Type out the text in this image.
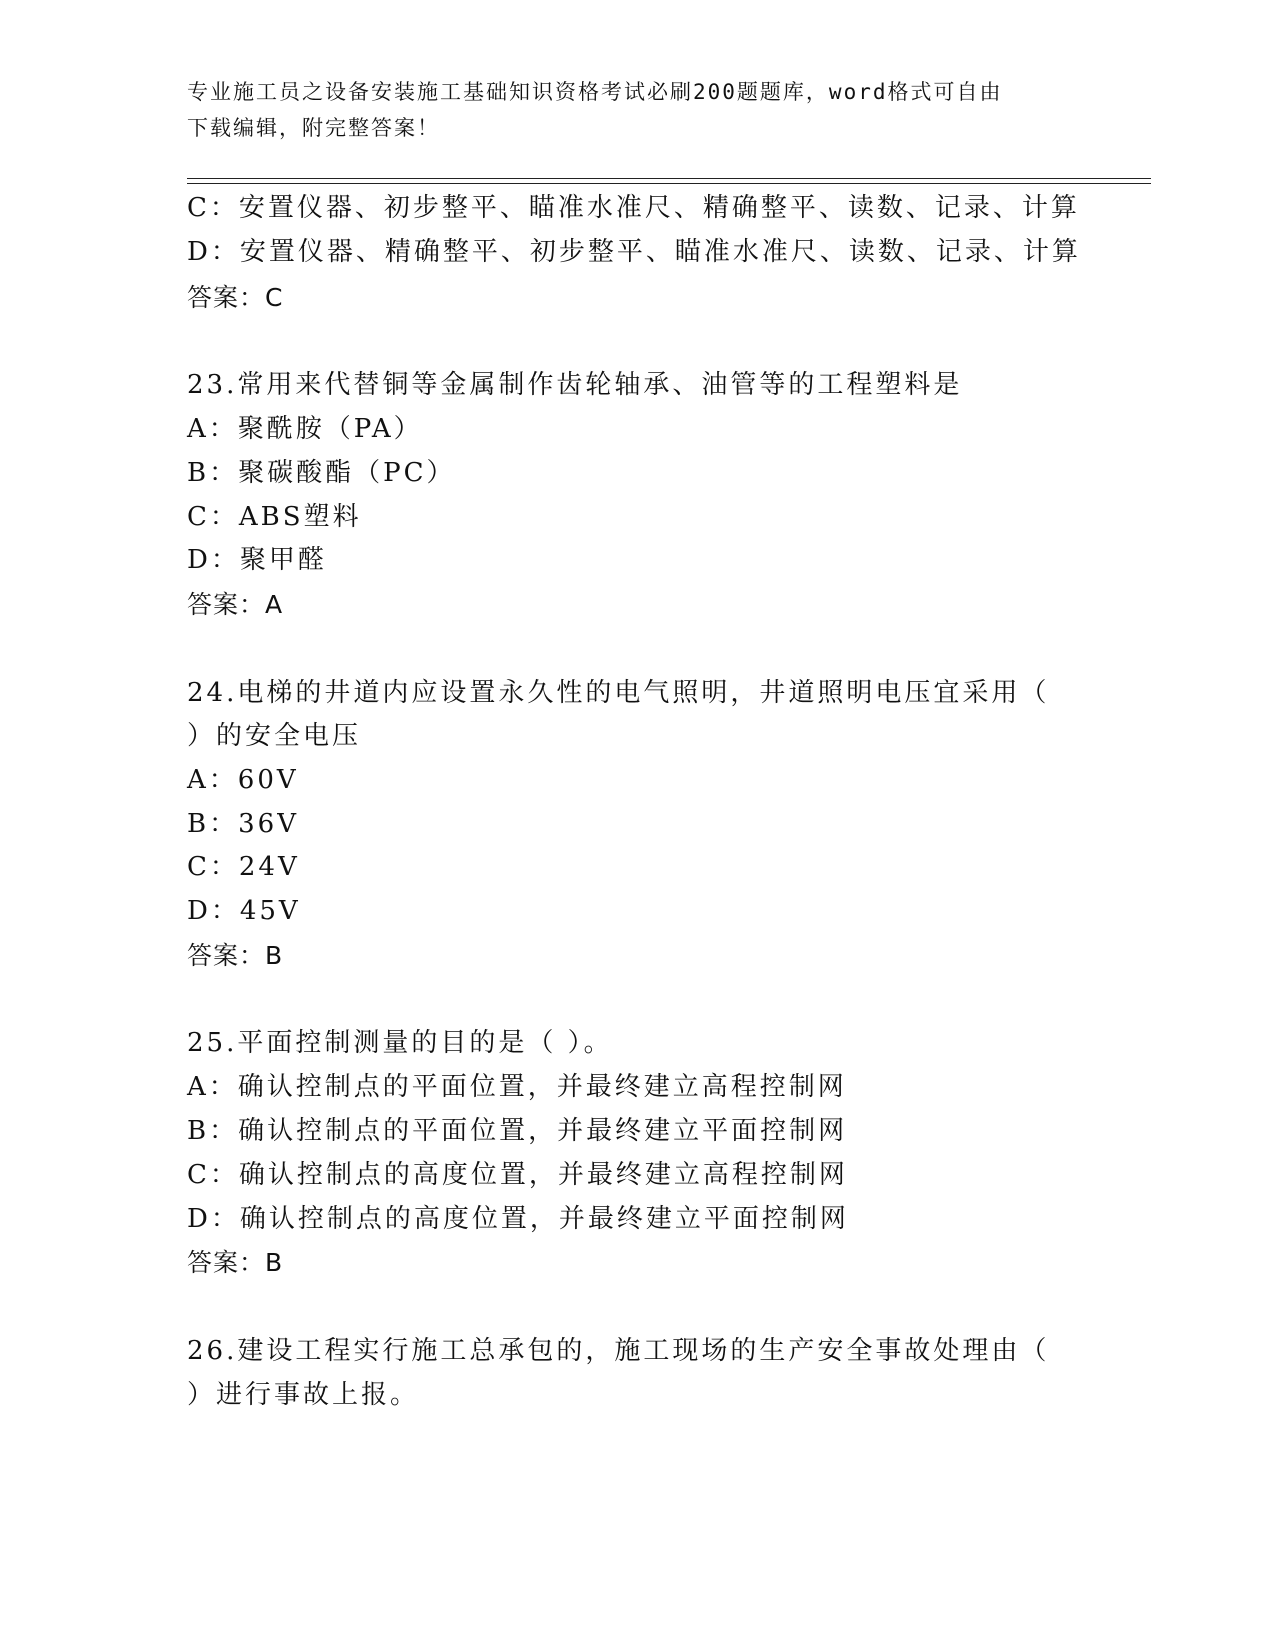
专业施工员之设备安装施工基础知识资格考试必刷200题题库，word格式可自由
下载编辑，附完整答案！
C：安置仪器、初步整平、瞄准水准尺、精确整平、读数、记录、计算
D：安置仪器、精确整平、初步整平、瞄准水准尺、读数、记录、计算
答案：C
23.常用来代替铜等金属制作齿轮轴承、油管等的工程塑料是
A：聚酰胺（PA）
B：聚碳酸酯（PC）
C：ABS塑料
D：聚甲醛
答案：A
24.电梯的井道内应设置永久性的电气照明，井道照明电压宜采用（
）的安全电压
A：60V
B：36V
C：24V
D：45V
答案：B
25.平面控制测量的目的是（ ）。
A：确认控制点的平面位置，并最终建立高程控制网
B：确认控制点的平面位置，并最终建立平面控制网
C：确认控制点的高度位置，并最终建立高程控制网
D：确认控制点的高度位置，并最终建立平面控制网
答案：B
26.建设工程实行施工总承包的，施工现场的生产安全事故处理由（
）进行事故上报。
